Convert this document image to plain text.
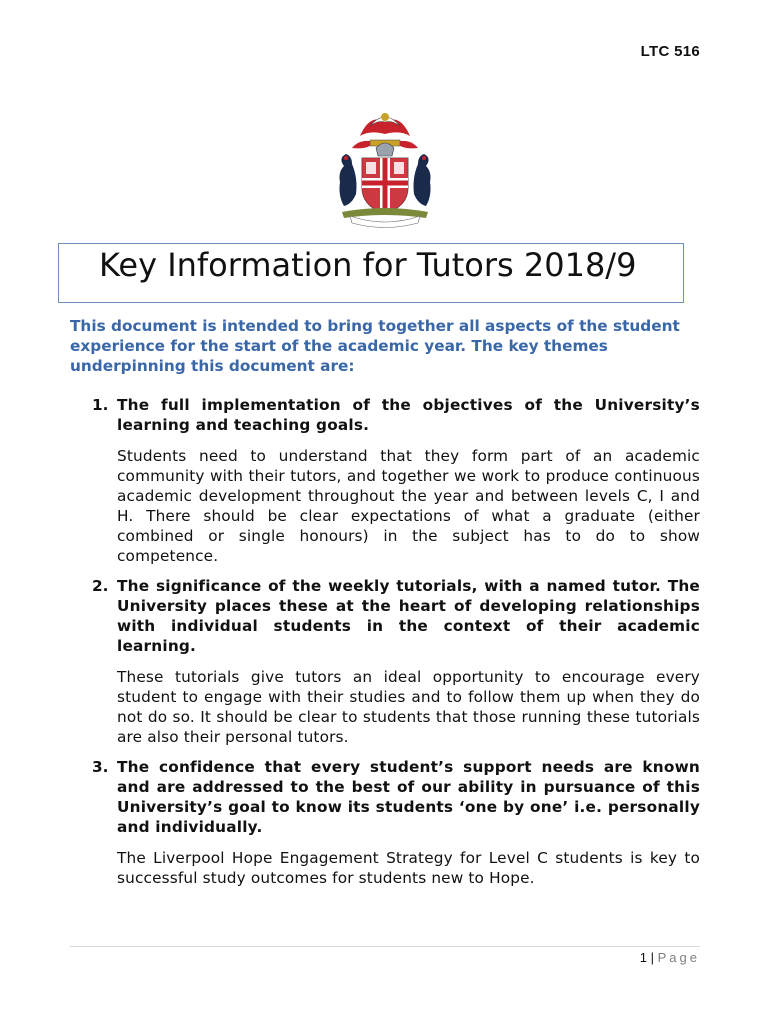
LTC 516
Key Information for Tutors 2018/9

This document is intended to bring together all aspects of the student experience for the start of the academic year. The key themes underpinning this document are:

1. The full implementation of the objectives of the University’s learning and teaching goals.

Students need to understand that they form part of an academic community with their tutors, and together we work to produce continuous academic development throughout the year and between levels C, I and H. There should be clear expectations of what a graduate (either combined or single honours) in the subject has to do to show competence.

2. The significance of the weekly tutorials, with a named tutor. The University places these at the heart of developing relationships with individual students in the context of their academic learning.

These tutorials give tutors an ideal opportunity to encourage every student to engage with their studies and to follow them up when they do not do so. It should be clear to students that those running these tutorials are also their personal tutors.

3. The confidence that every student’s support needs are known and are addressed to the best of our ability in pursuance of this University’s goal to know its students ‘one by one’ i.e. personally and individually.

The Liverpool Hope Engagement Strategy for Level C students is key to successful study outcomes for students new to Hope.

1 | Page
